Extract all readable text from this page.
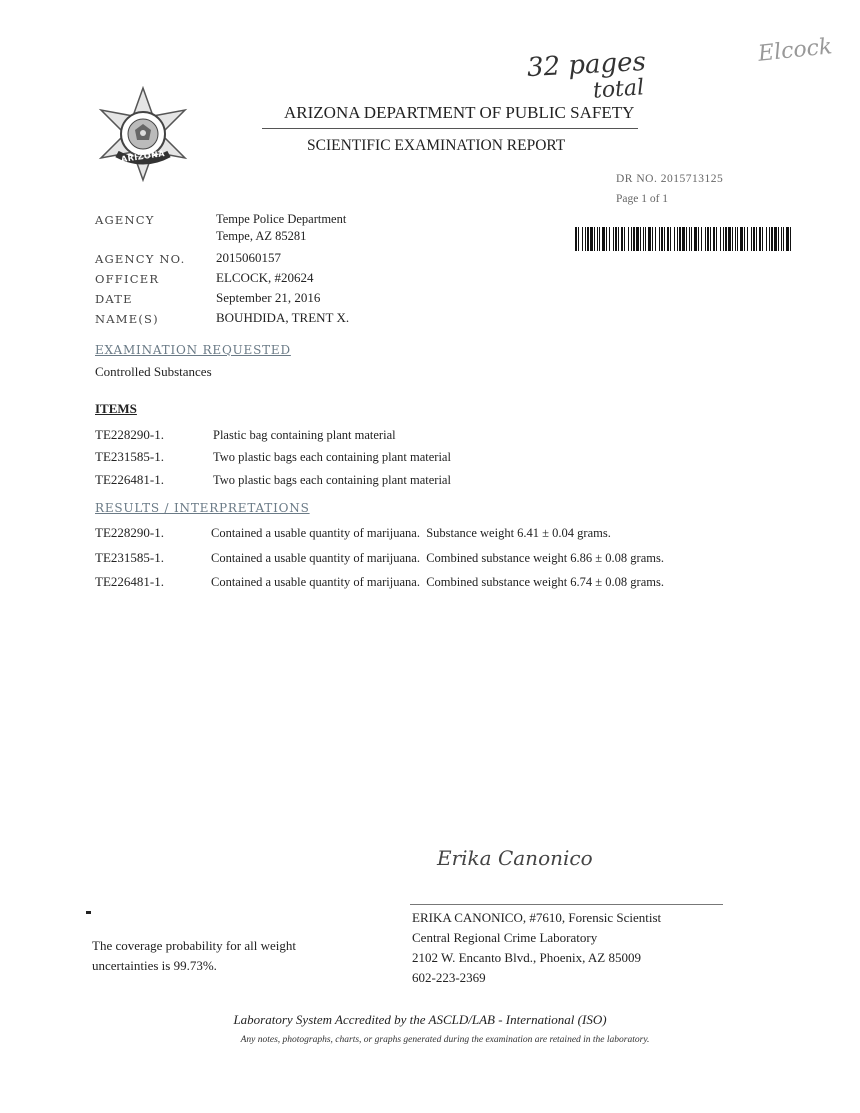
Elcock
32 pages
total
ARIZONA
ARIZONA DEPARTMENT OF PUBLIC SAFETY
SCIENTIFIC EXAMINATION REPORT
DR NO. 2015713125
Page 1 of 1
AGENCY	Tempe Police Department
Tempe, AZ 85281
AGENCY NO. 2015060157
OFFICER	ELCOCK, #20624
DATE	September 21, 2016
NAME(S)	BOUHDIDA, TRENT X.
EXAMINATION REQUESTED
Controlled Substances
ITEMS
TE228290-1.	Plastic bag containing plant material
TE231585-1.	Two plastic bags each containing plant material
TE226481-1.	Two plastic bags each containing plant material
RESULTS / INTERPRETATIONS
TE228290-1.	Contained a usable quantity of marijuana.  Substance weight 6.41 ± 0.04 grams.
TE231585-1.	Contained a usable quantity of marijuana.  Combined substance weight 6.86 ± 0.08 grams.
TE226481-1.	Contained a usable quantity of marijuana.  Combined substance weight 6.74 ± 0.08 grams.
Erika Canonico
ERIKA CANONICO, #7610, Forensic Scientist
Central Regional Crime Laboratory
2102 W. Encanto Blvd., Phoenix, AZ 85009
602-223-2369
The coverage probability for all weight
uncertainties is 99.73%.
Laboratory System Accredited by the ASCLD/LAB - International (ISO)
Any notes, photographs, charts, or graphs generated during the examination are retained in the laboratory.
